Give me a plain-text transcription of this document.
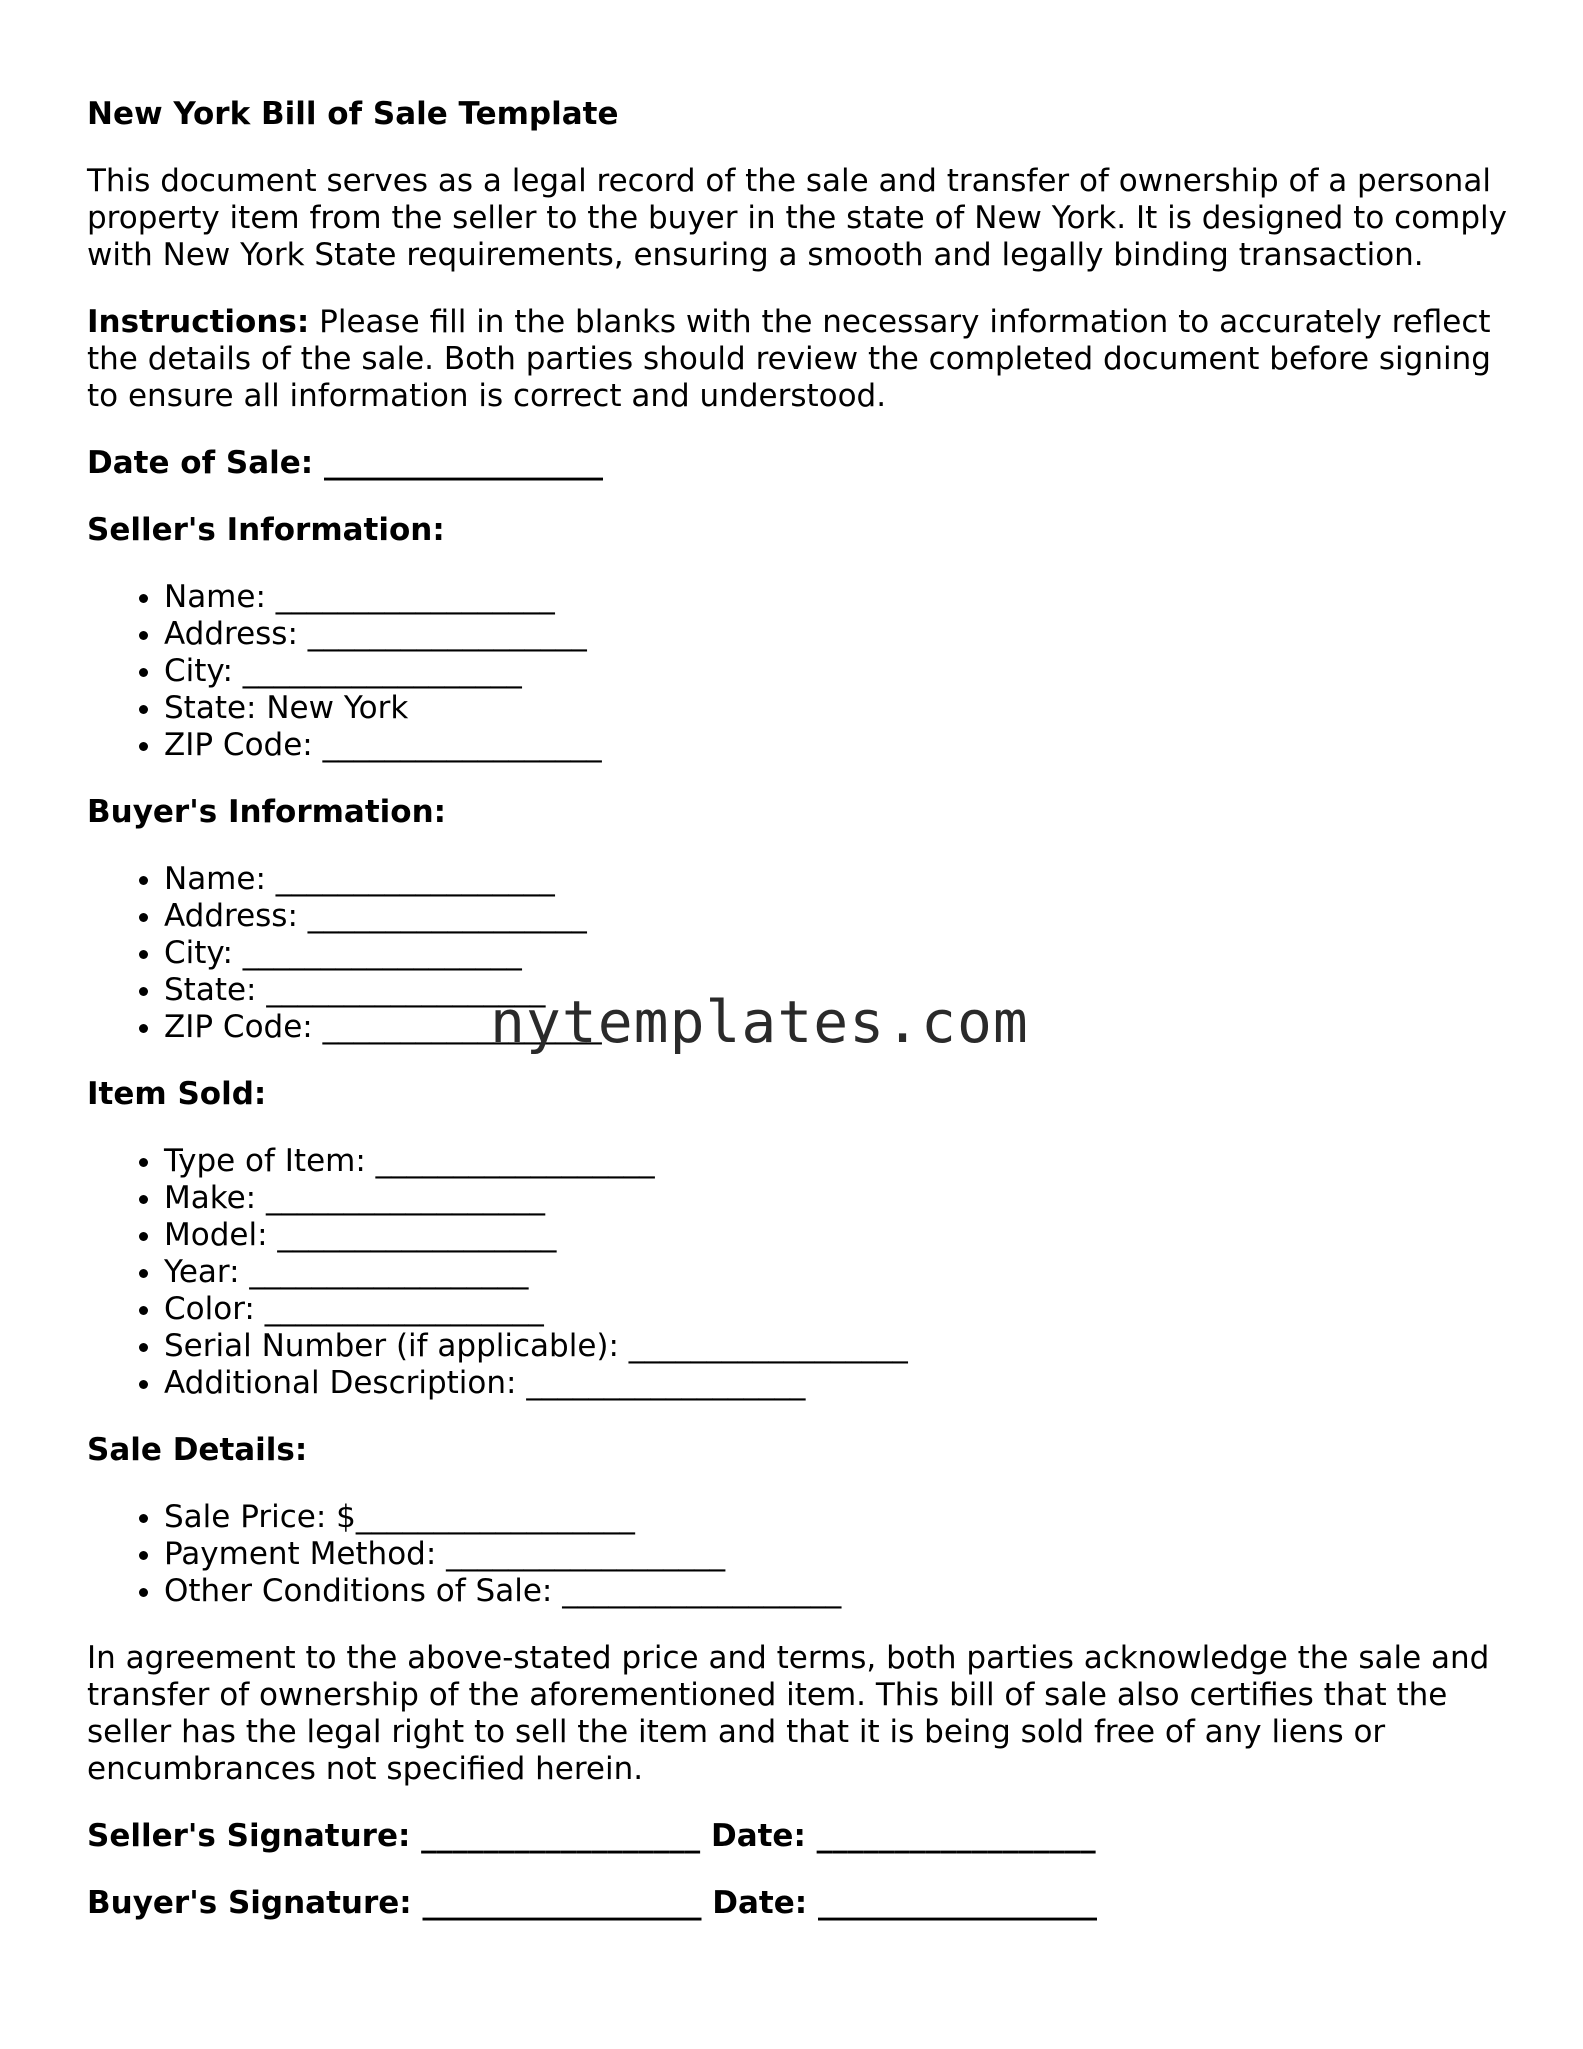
New York Bill of Sale Template

This document serves as a legal record of the sale and transfer of ownership of a personal property item from the seller to the buyer in the state of New York. It is designed to comply with New York State requirements, ensuring a smooth and legally binding transaction.

Instructions: Please fill in the blanks with the necessary information to accurately reflect the details of the sale. Both parties should review the completed document before signing to ensure all information is correct and understood.

Date of Sale: __________________
Seller's Information:
• Name: __________________
• Address: __________________
• City: __________________
• State: New York
• ZIP Code: __________________
Buyer's Information:
• Name: __________________
• Address: __________________
• City: __________________
• State: __________________
• ZIP Code: __________________
Item Sold:
• Type of Item: __________________
• Make: __________________
• Model: __________________
• Year: __________________
• Color: __________________
• Serial Number (if applicable): __________________
• Additional Description: __________________
Sale Details:
• Sale Price: $__________________
• Payment Method: __________________
• Other Conditions of Sale: __________________

In agreement to the above-stated price and terms, both parties acknowledge the sale and transfer of ownership of the aforementioned item. This bill of sale also certifies that the seller has the legal right to sell the item and that it is being sold free of any liens or encumbrances not specified herein.

Seller's Signature: __________________ Date: __________________
Buyer's Signature: __________________ Date: __________________
nytemplates.com
